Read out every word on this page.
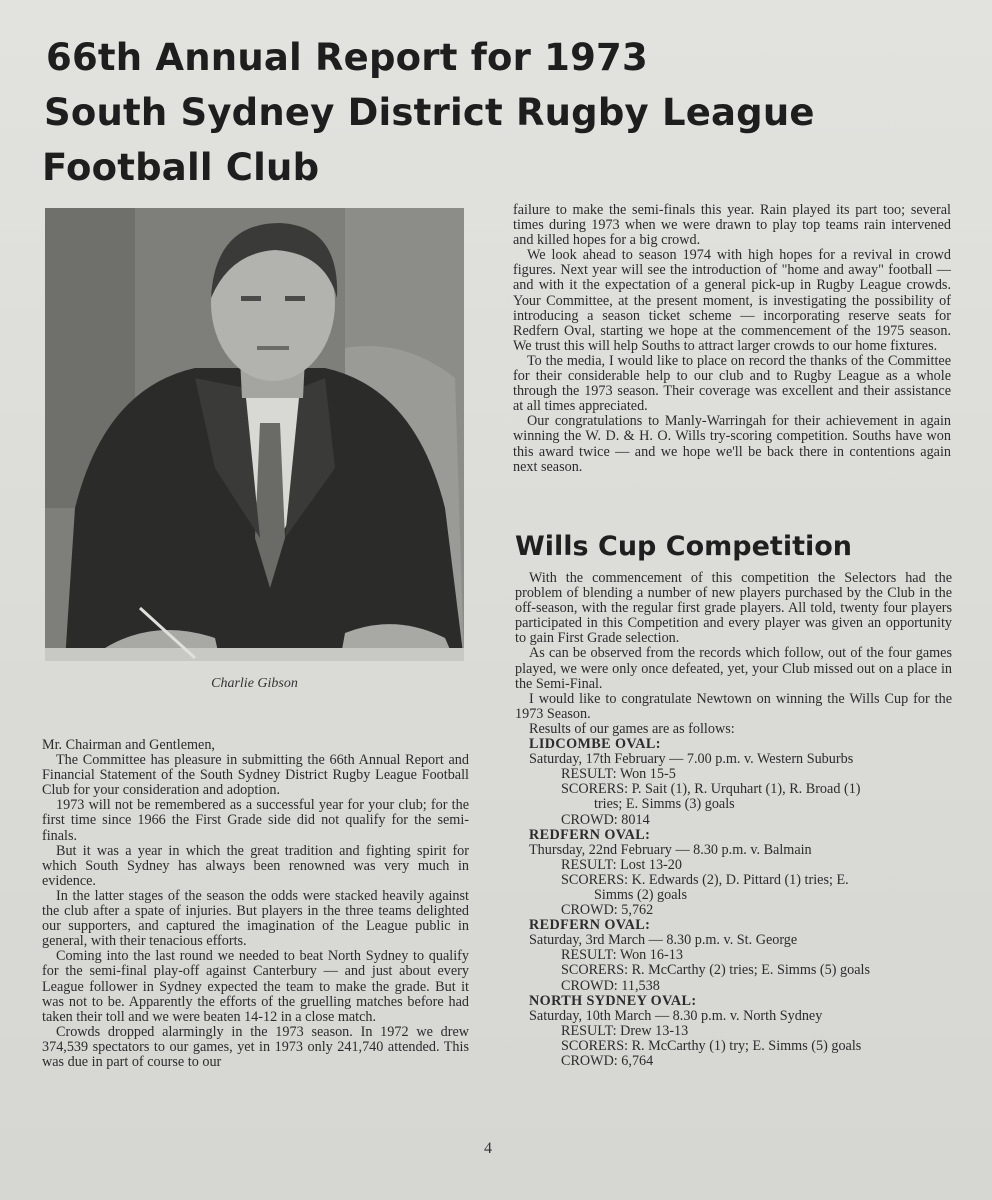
66th Annual Report for 1973
South Sydney District Rugby League
Football Club
Charlie Gibson

Mr. Chairman and Gentlemen,

The Committee has pleasure in submitting the 66th Annual Report and Financial Statement of the South Sydney District Rugby League Football Club for your consideration and adoption.

1973 will not be remembered as a successful year for your club; for the first time since 1966 the First Grade side did not qualify for the semi-finals.

But it was a year in which the great tradition and fighting spirit for which South Sydney has always been renowned was very much in evidence.

In the latter stages of the season the odds were stacked heavily against the club after a spate of injuries. But players in the three teams delighted our supporters, and captured the imagination of the League public in general, with their tenacious efforts.

Coming into the last round we needed to beat North Sydney to qualify for the semi-final play-off against Canterbury — and just about every League follower in Sydney expected the team to make the grade. But it was not to be. Apparently the efforts of the gruelling matches before had taken their toll and we were beaten 14-12 in a close match.

Crowds dropped alarmingly in the 1973 season. In 1972 we drew 374,539 spectators to our games, yet in 1973 only 241,740 attended. This was due in part of course to our

failure to make the semi-finals this year. Rain played its part too; several times during 1973 when we were drawn to play top teams rain intervened and killed hopes for a big crowd.

We look ahead to season 1974 with high hopes for a revival in crowd figures. Next year will see the introduction of "home and away" football — and with it the expectation of a general pick-up in Rugby League crowds. Your Committee, at the present moment, is investigating the possibility of introducing a season ticket scheme — incorporating reserve seats for Redfern Oval, starting we hope at the commencement of the 1975 season. We trust this will help Souths to attract larger crowds to our home fixtures.

To the media, I would like to place on record the thanks of the Committee for their considerable help to our club and to Rugby League as a whole through the 1973 season. Their coverage was excellent and their assistance at all times appreciated.

Our congratulations to Manly-Warringah for their achievement in again winning the W. D. & H. O. Wills try-scoring competition. Souths have won this award twice — and we hope we'll be back there in contentions again next season.

Wills Cup Competition

With the commencement of this competition the Selectors had the problem of blending a number of new players purchased by the Club in the off-season, with the regular first grade players. All told, twenty four players participated in this Competition and every player was given an opportunity to gain First Grade selection.

As can be observed from the records which follow, out of the four games played, we were only once defeated, yet, your Club missed out on a place in the Semi-Final.

I would like to congratulate Newtown on winning the Wills Cup for the 1973 Season.

Results of our games are as follows:

LIDCOMBE OVAL:

Saturday, 17th February — 7.00 p.m. v. Western Suburbs

RESULT: Won 15-5

SCORERS: P. Sait (1), R. Urquhart (1), R. Broad (1)

tries; E. Simms (3) goals

CROWD: 8014

REDFERN OVAL:

Thursday, 22nd February — 8.30 p.m. v. Balmain

RESULT: Lost 13-20

SCORERS: K. Edwards (2), D. Pittard (1) tries; E.

Simms (2) goals

CROWD: 5,762

REDFERN OVAL:

Saturday, 3rd March — 8.30 p.m. v. St. George

RESULT: Won 16-13

SCORERS: R. McCarthy (2) tries; E. Simms (5) goals

CROWD: 11,538

NORTH SYDNEY OVAL:

Saturday, 10th March — 8.30 p.m. v. North Sydney

RESULT: Drew 13-13

SCORERS: R. McCarthy (1) try; E. Simms (5) goals

CROWD: 6,764

4
